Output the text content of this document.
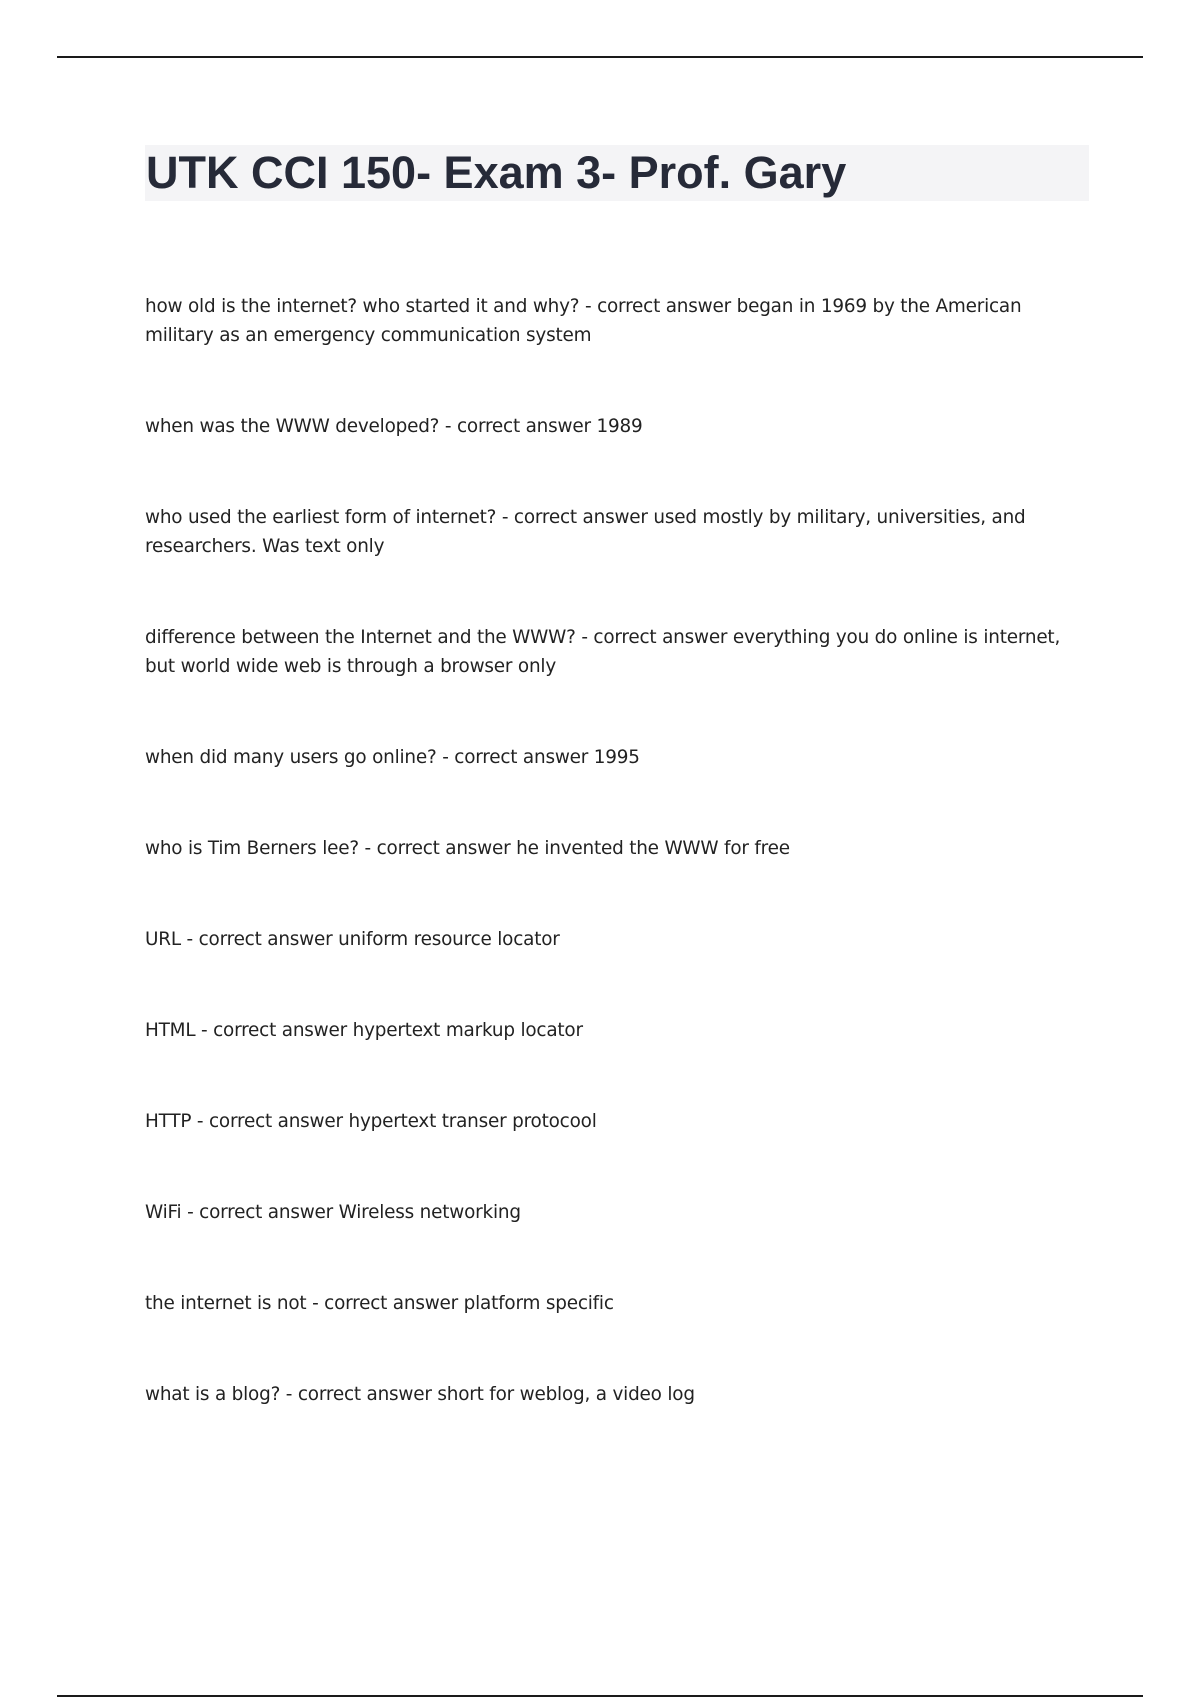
UTK CCI 150- Exam 3- Prof. Gary
how old is the internet? who started it and why? - correct answer began in 1969 by the American military as an emergency communication system
when was the WWW developed? - correct answer 1989
who used the earliest form of internet? - correct answer used mostly by military, universities, and researchers. Was text only
difference between the Internet and the WWW? - correct answer everything you do online is internet, but world wide web is through a browser only
when did many users go online? - correct answer 1995
who is Tim Berners lee? - correct answer he invented the WWW for free
URL - correct answer uniform resource locator
HTML - correct answer hypertext markup locator
HTTP - correct answer hypertext transer protocool
WiFi - correct answer Wireless networking
the internet is not - correct answer platform specific
what is a blog? - correct answer short for weblog, a video log
